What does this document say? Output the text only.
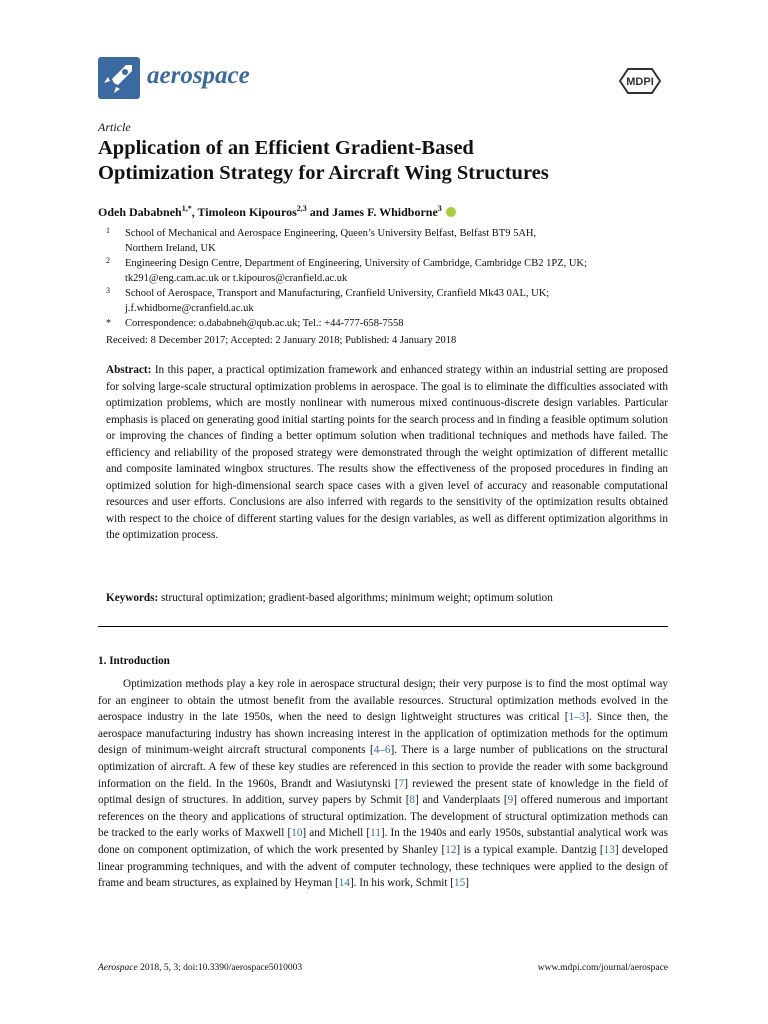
aerospace	MDPI
Article
Application of an Efficient Gradient-Based
Optimization Strategy for Aircraft Wing Structures
Odeh Dababneh$^{1,*}$, Timoleon Kipouros$^{2,3}$ and James F. Whidborne$^3$
1 School of Mechanical and Aerospace Engineering, Queen’s University Belfast, Belfast BT9 5AH,
Northern Ireland, UK
2 Engineering Design Centre, Department of Engineering, University of Cambridge, Cambridge CB2 1PZ, UK;
tk291@eng.cam.ac.uk or t.kipouros@cranfield.ac.uk
3 School of Aerospace, Transport and Manufacturing, Cranfield University, Cranfield Mk43 0AL, UK;
j.f.whidborne@cranfield.ac.uk
* Correspondence: o.dababneh@qub.ac.uk; Tel.: +44-777-658-7558
Received: 8 December 2017; Accepted: 2 January 2018; Published: 4 January 2018
Abstract: In this paper, a practical optimization framework and enhanced strategy within an industrial setting are proposed for solving large-scale structural optimization problems in aerospace. The goal is to eliminate the difficulties associated with optimization problems, which are mostly nonlinear with numerous mixed continuous-discrete design variables. Particular emphasis is placed on generating good initial starting points for the search process and in finding a feasible optimum solution or improving the chances of finding a better optimum solution when traditional techniques and methods have failed. The efficiency and reliability of the proposed strategy were demonstrated through the weight optimization of different metallic and composite laminated wingbox structures. The results show the effectiveness of the proposed procedures in finding an optimized solution for high-dimensional search space cases with a given level of accuracy and reasonable computational resources and user efforts. Conclusions are also inferred with regards to the sensitivity of the optimization results obtained with respect to the choice of different starting values for the design variables, as well as different optimization algorithms in the optimization process.
Keywords: structural optimization; gradient-based algorithms; minimum weight; optimum solution
1. Introduction
Optimization methods play a key role in aerospace structural design; their very purpose is to find the most optimal way for an engineer to obtain the utmost benefit from the available resources. Structural optimization methods evolved in the aerospace industry in the late 1950s, when the need to design lightweight structures was critical [1–3]. Since then, the aerospace manufacturing industry has shown increasing interest in the application of optimization methods for the optimum design of minimum-weight aircraft structural components [4–6]. There is a large number of publications on the structural optimization of aircraft. A few of these key studies are referenced in this section to provide the reader with some background information on the field. In the 1960s, Brandt and Wasiutynski [7] reviewed the present state of knowledge in the field of optimal design of structures. In addition, survey papers by Schmit [8] and Vanderplaats [9] offered numerous and important references on the theory and applications of structural optimization. The development of structural optimization methods can be tracked to the early works of Maxwell [10] and Michell [11]. In the 1940s and early 1950s, substantial analytical work was done on component optimization, of which the work presented by Shanley [12] is a typical example. Dantzig [13] developed linear programming techniques, and with the advent of computer technology, these techniques were applied to the design of frame and beam structures, as explained by Heyman [14]. In his work, Schmit [15]
Aerospace 2018, 5, 3; doi:10.3390/aerospace5010003	www.mdpi.com/journal/aerospace
